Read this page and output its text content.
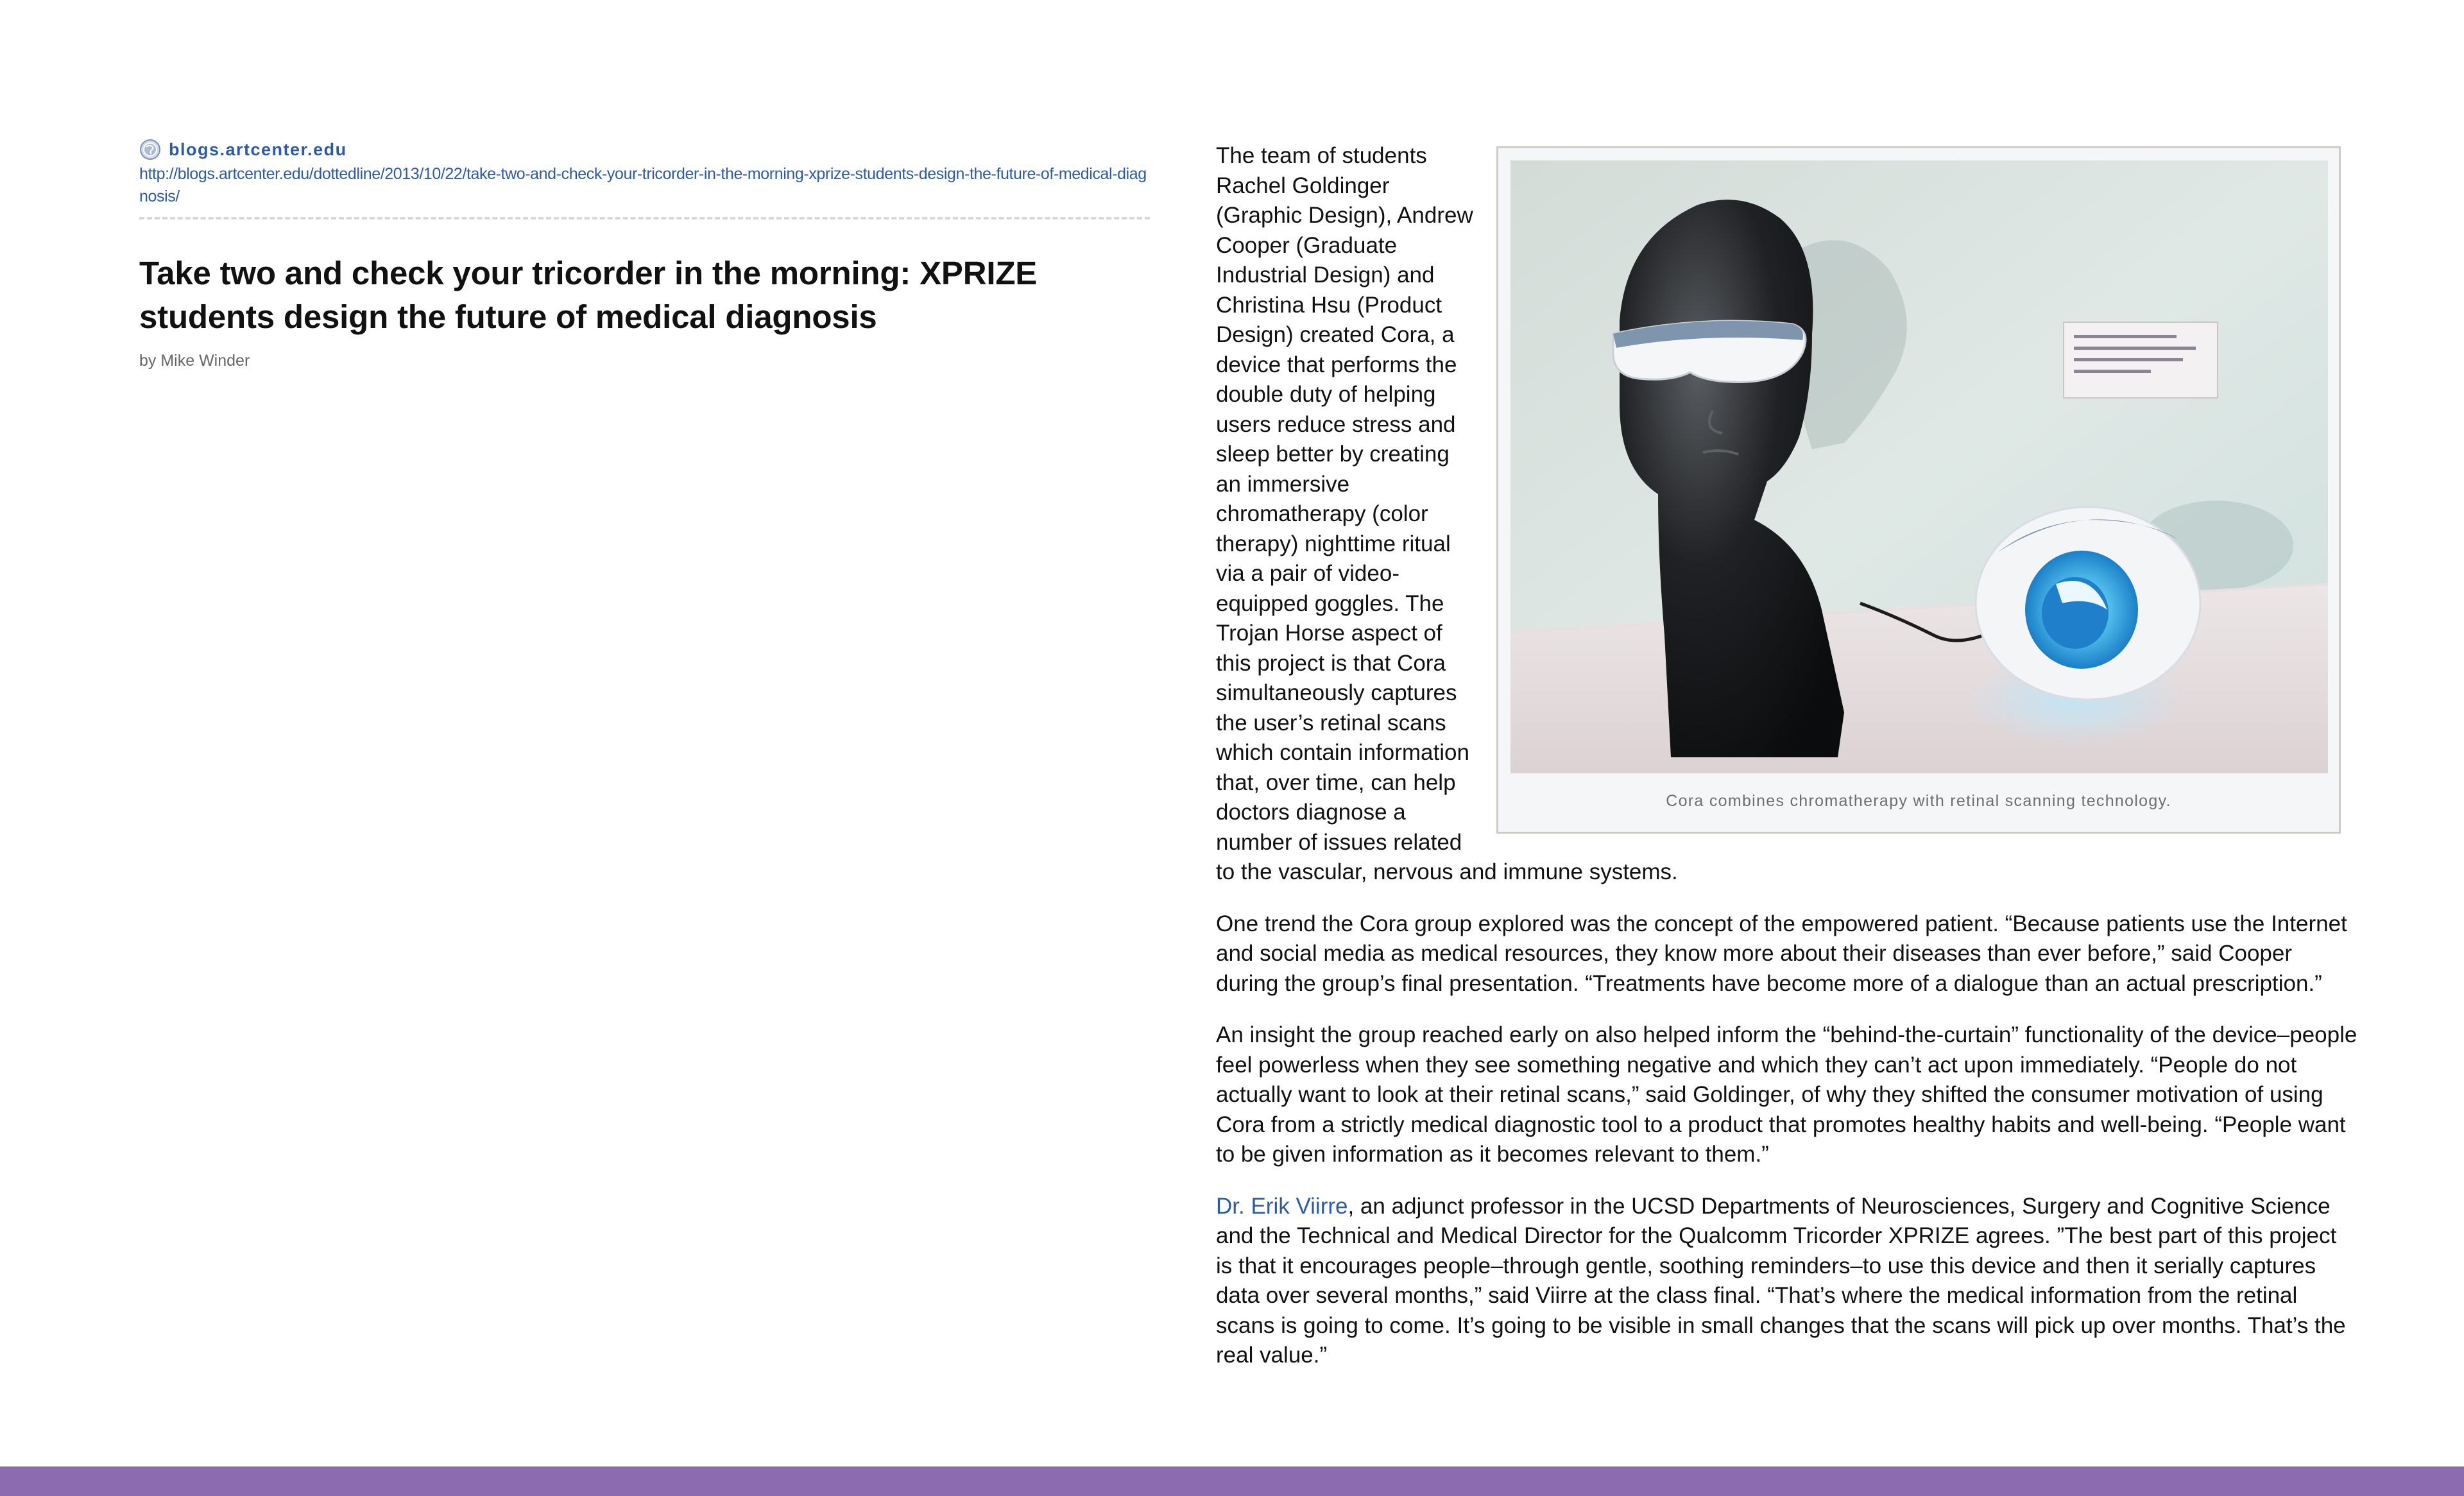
blogs.artcenter.edu
http://blogs.artcenter.edu/dottedline/2013/10/22/take-two-and-check-your-tricorder-in-the-morning-xprize-students-design-the-future-of-medical-diagnosis/
Take two and check your tricorder in the morning: XPRIZE students design the future of medical diagnosis
by Mike Winder
Cora combines chromatherapy with retinal scanning technology.

The team of students Rachel Goldinger (Graphic Design), Andrew Cooper (Graduate Industrial Design) and Christina Hsu (Product Design) created Cora, a device that performs the double duty of helping users reduce stress and sleep better by creating an immersive chromatherapy (color therapy) nighttime ritual via a pair of video-equipped goggles. The Trojan Horse aspect of this project is that Cora simultaneously captures the user’s retinal scans which contain information that, over time, can help doctors diagnose a number of issues related to the vascular, nervous and immune systems.

One trend the Cora group explored was the concept of the empowered patient. “Because patients use the Internet and social media as medical resources, they know more about their diseases than ever before,” said Cooper during the group’s final presentation. “Treatments have become more of a dialogue than an actual prescription.”

An insight the group reached early on also helped inform the “behind-the-curtain” functionality of the device–people feel powerless when they see something negative and which they can’t act upon immediately. “People do not actually want to look at their retinal scans,” said Goldinger, of why they shifted the consumer motivation of using Cora from a strictly medical diagnostic tool to a product that promotes healthy habits and well-being. “People want to be given information as it becomes relevant to them.”

Dr. Erik Viirre, an adjunct professor in the UCSD Departments of Neurosciences, Surgery and Cognitive Science and the Technical and Medical Director for the Qualcomm Tricorder XPRIZE agrees. ”The best part of this project is that it encourages people–through gentle, soothing reminders–to use this device and then it serially captures data over several months,” said Viirre at the class final. “That’s where the medical information from the retinal scans is going to come. It’s going to be visible in small changes that the scans will pick up over months. That’s the real value.”
